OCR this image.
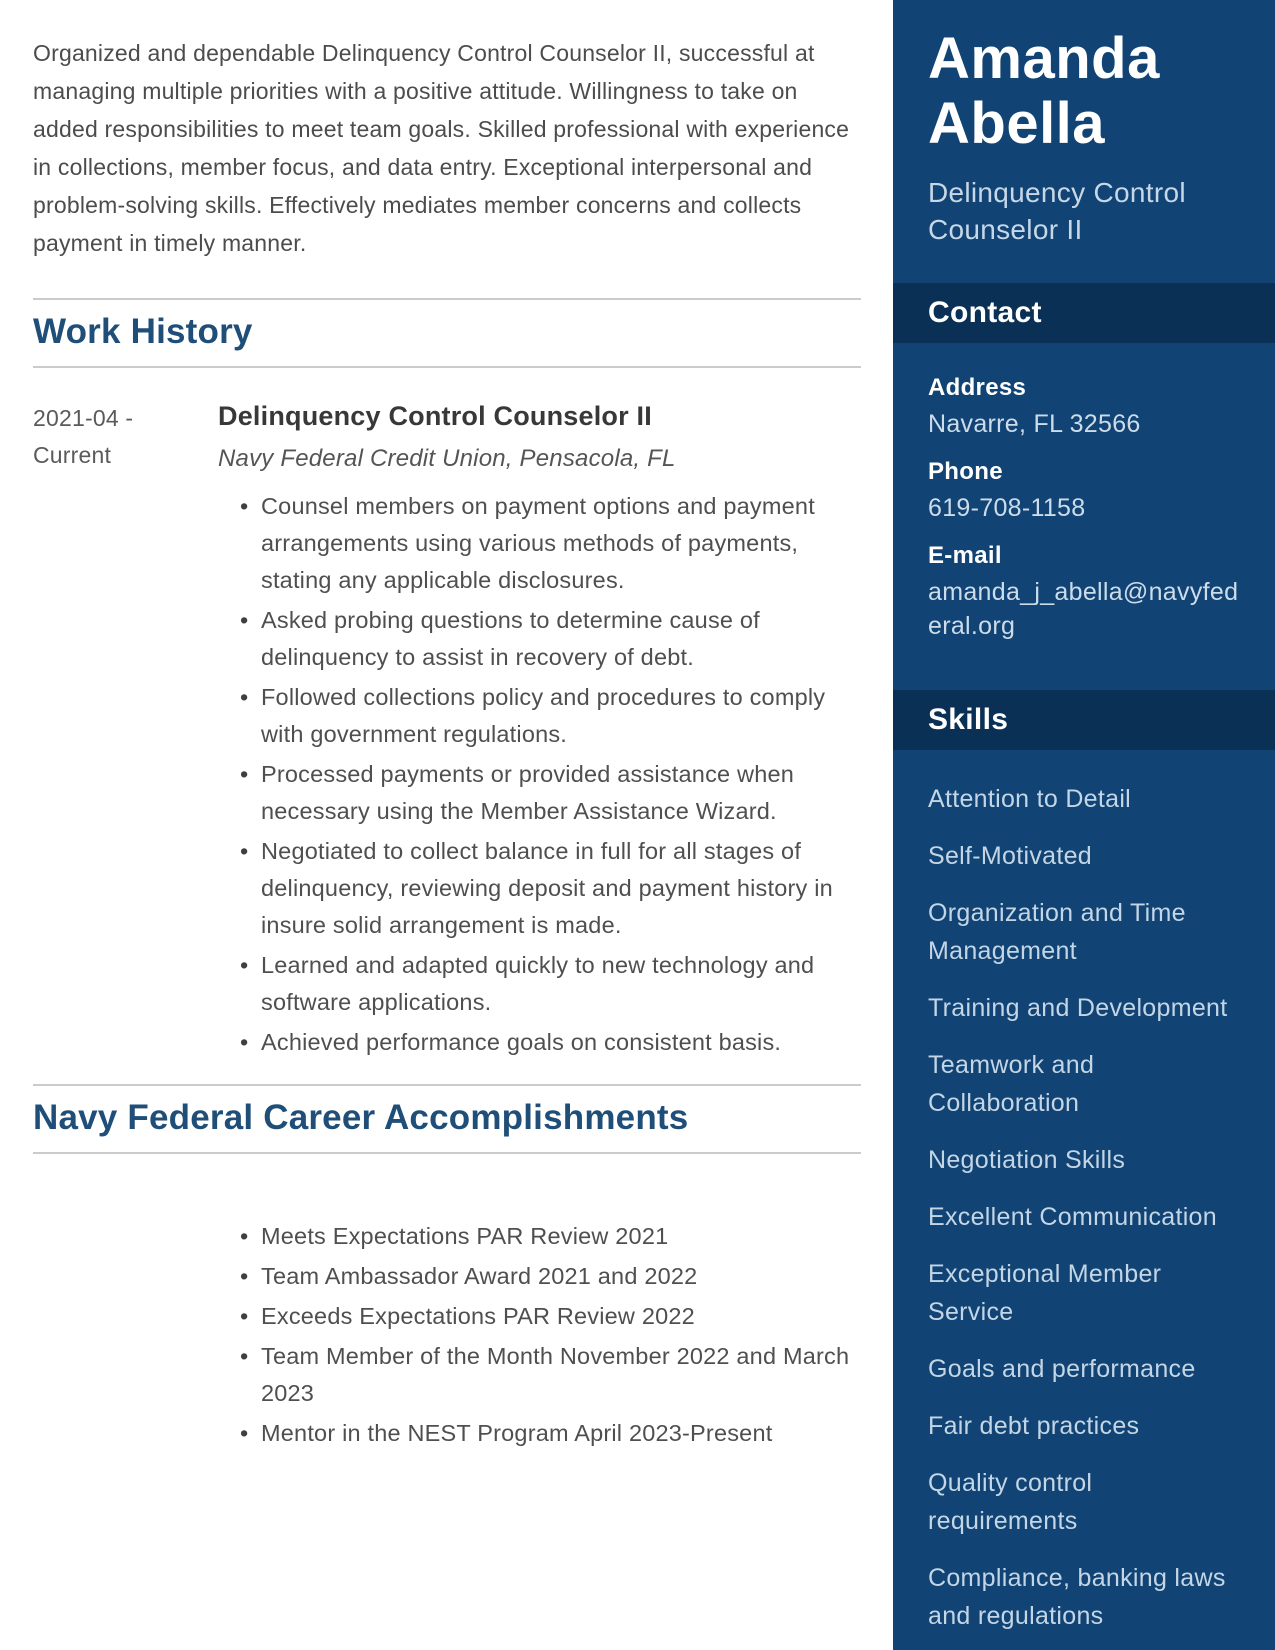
Organized and dependable Delinquency Control Counselor II, successful at managing multiple priorities with a positive attitude. Willingness to take on added responsibilities to meet team goals. Skilled professional with experience in collections, member focus, and data entry. Exceptional interpersonal and problem-solving skills. Effectively mediates member concerns and collects payment in timely manner.

Work History
2021-04 -
Current
Delinquency Control Counselor II
Navy Federal Credit Union, Pensacola, FL
• Counsel members on payment options and payment arrangements using various methods of payments, stating any applicable disclosures.
• Asked probing questions to determine cause of delinquency to assist in recovery of debt.
• Followed collections policy and procedures to comply with government regulations.
• Processed payments or provided assistance when necessary using the Member Assistance Wizard.
• Negotiated to collect balance in full for all stages of delinquency, reviewing deposit and payment history in insure solid arrangement is made.
• Learned and adapted quickly to new technology and software applications.
• Achieved performance goals on consistent basis.
Navy Federal Career Accomplishments
• Meets Expectations PAR Review 2021
• Team Ambassador Award 2021 and 2022
• Exceeds Expectations PAR Review 2022
• Team Member of the Month November 2022 and March 2023
• Mentor in the NEST Program April 2023-Present
Amanda Abella
Delinquency Control Counselor II
Contact
Address
Navarre, FL 32566
Phone
619-708-1158
E-mail
amanda_j_abella@navyfederal.org
Skills
Attention to Detail
Self-Motivated
Organization and Time Management
Training and Development
Teamwork and Collaboration
Negotiation Skills
Excellent Communication
Exceptional Member Service
Goals and performance
Fair debt practices
Quality control requirements
Compliance, banking laws and regulations
